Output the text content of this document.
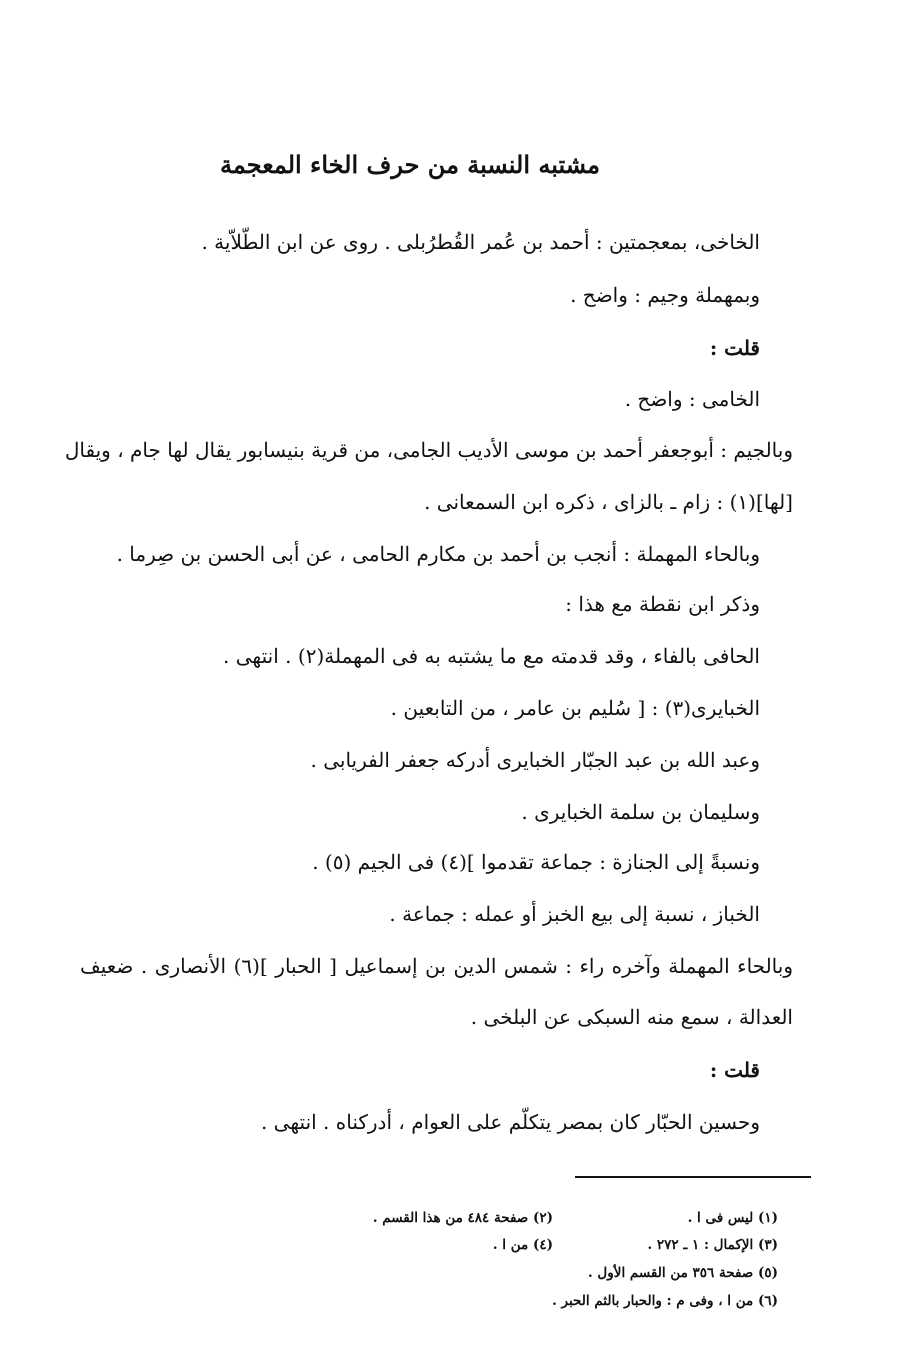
مشتبه النسبة من حرف الخاء المعجمة
الخاخى، بمعجمتين : أحمد بن عُمر القُطرُبلى . روى عن ابن الطّلاّية .
وبمهملة وجيم : واضح .
قلت :
الخامى : واضح .
وبالجيم : أبوجعفر أحمد بن موسى الأديب الجامى، من قرية بنيسابور يقال لها جام ، ويقال
[لها](١) : زام ـ بالزاى ، ذكره ابن السمعانى .
وبالحاء المهملة : أنجب بن أحمد بن مكارم الحامى ، عن أبى الحسن بن صِرما .
وذكر ابن نقطة مع هذا :
الحافى بالفاء ، وقد قدمته مع ما يشتبه به فى المهملة(٢) . انتهى .
الخبايرى(٣) : [ سُليم بن عامر ، من التابعين .
وعبد الله بن عبد الجبّار الخبايرى أدركه جعفر الفريابى .
وسليمان بن سلمة الخبايرى .
ونسبةً إلى الجنازة : جماعة تقدموا ](٤) فى الجيم (٥) .
الخباز ، نسبة إلى بيع الخبز أو عمله : جماعة .
وبالحاء المهملة وآخره راء : شمس الدين بن إسماعيل [ الحبار ](٦) الأنصارى . ضعيف
العدالة ، سمع منه السبكى عن البلخى .
قلت :
وحسين الحبّار كان بمصر يتكلّم على العوام ، أدركناه . انتهى .
(١) ليس فى ا .
(٢) صفحة ٤٨٤ من هذا القسم .
(٣) الإكمال : ١ ـ ٢٧٢ .
(٤) من ا .
(٥) صفحة ٣٥٦ من القسم الأول .
(٦) من ا ، وفى م : والحبار بالثم الحبر .
